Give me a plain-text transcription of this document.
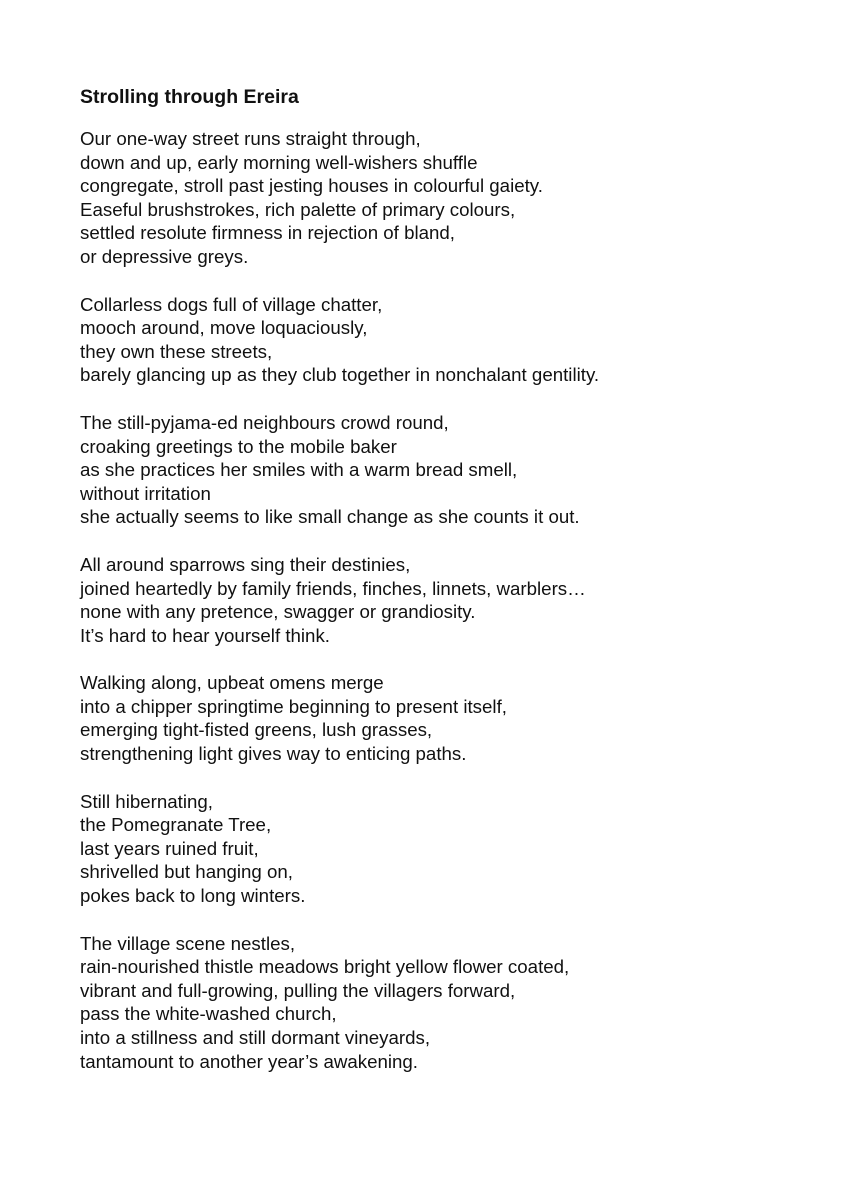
Strolling through Ereira
Our one-way street runs straight through,
down and up, early morning well-wishers shuffle
congregate, stroll past jesting houses in colourful gaiety.
Easeful brushstrokes, rich palette of primary colours,
settled resolute firmness in rejection of bland,
or depressive greys.
Collarless dogs full of village chatter,
mooch around, move loquaciously,
they own these streets,
barely glancing up as they club together in nonchalant gentility.
The still-pyjama-ed neighbours crowd round,
croaking greetings to the mobile baker
as she practices her smiles with a warm bread smell,
without irritation
she actually seems to like small change as she counts it out.
All around sparrows sing their destinies,
joined heartedly by family friends, finches, linnets, warblers…
none with any pretence, swagger or grandiosity.
It’s hard to hear yourself think.
Walking along, upbeat omens merge
into a chipper springtime beginning to present itself,
emerging tight-fisted greens, lush grasses,
strengthening light gives way to enticing paths.
Still hibernating,
the Pomegranate Tree,
last years ruined fruit,
shrivelled but hanging on,
pokes back to long winters.
The village scene nestles,
rain-nourished thistle meadows bright yellow flower coated,
vibrant and full-growing, pulling the villagers forward,
pass the white-washed church,
into a stillness and still dormant vineyards,
tantamount to another year’s awakening.
